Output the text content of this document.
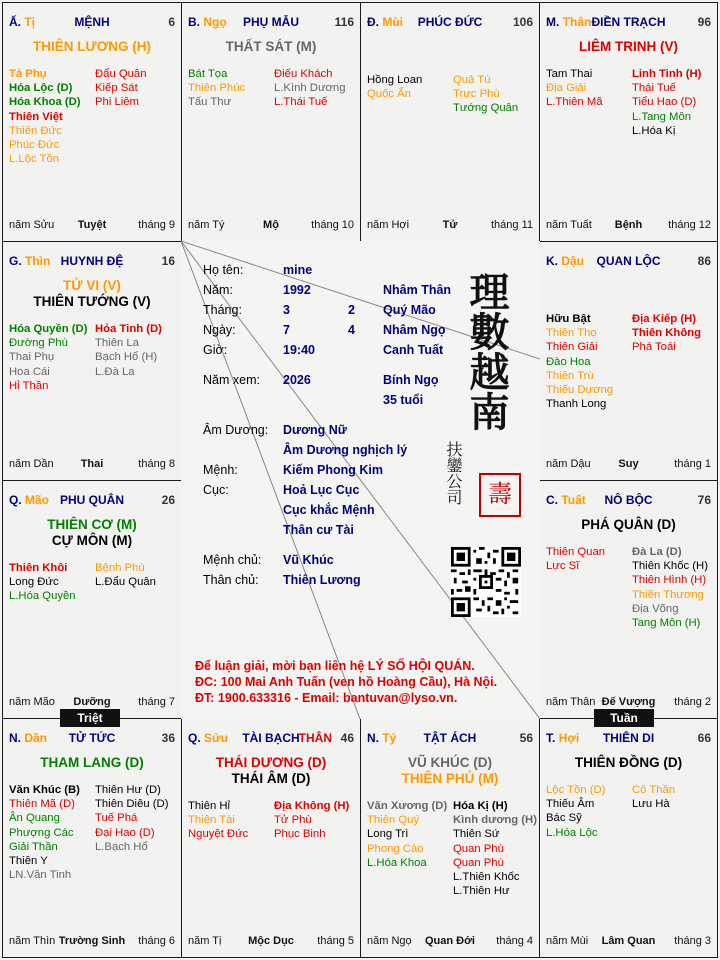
MỆNH
Ấ. Tị	6
THIÊN LƯƠNG (H)
Tả Phụ
Hóa Lộc (D)
Hóa Khoa (D)
Thiên Việt
Thiên Đức
Phúc Đức
L.Lộc Tồn
Đẩu Quân
Kiếp Sát
Phi Liêm
năm Sửu	Tuyệt	tháng 9
PHỤ MẪU
B. Ngọ	116
THẤT SÁT (M)
Bát Tọa
Thiên Phúc
Tấu Thư
Điếu Khách
L.Kình Dương
L.Thái Tuế
năm Tý	Mộ	tháng 10
PHÚC ĐỨC
Đ. Mùi	106
Hồng Loan
Quốc Ấn
Quả Tú
Trực Phù
Tướng Quân
năm Hợi	Tử	tháng 11
ĐIỀN TRẠCH
M. Thân	96
LIÊM TRINH (V)
Tam Thai
Địa Giải
L.Thiên Mã
Linh Tinh (H)
Thái Tuế
Tiểu Hao (D)
L.Tang Môn
L.Hóa Kị
năm Tuất	Bệnh	tháng 12
HUYNH ĐỆ
G. Thìn	16
TỬ VI (V)
THIÊN TƯỚNG (V)
Hóa Quyền (D)
Đường Phù
Thai Phụ
Hoa Cái
Hỉ Thần
Hỏa Tinh (D)
Thiên La
Bạch Hổ (H)
L.Đà La
năm Dần	Thai	tháng 8
QUAN LỘC
K. Dậu	86
Hữu Bật
Thiên Thọ
Thiên Giải
Đào Hoa
Thiên Trù
Thiếu Dương
Thanh Long
Địa Kiếp (H)
Thiên Không
Phá Toái
năm Dậu	Suy	tháng 1
PHU QUÂN
Q. Mão	26
THIÊN CƠ (M)
CỰ MÔN (M)
Thiên Khôi
Long Đức
L.Hóa Quyền
Bệnh Phù
L.Đẩu Quân
năm Mão	Dưỡng	tháng 7
NÔ BỘC
C. Tuất	76
PHÁ QUÂN (D)
Thiên Quan
Lực Sĩ
Đà La (D)
Thiên Khốc (H)
Thiên Hình (H)
Thiên Thương
Địa Võng
Tang Môn (H)
năm Thân Đế Vượng	tháng 2
TỬ TỨC
N. Dần	36
THAM LANG (D)
Văn Khúc (B)
Thiên Mã (D)
Ân Quang
Phượng Các
Giải Thần
Thiên Y
LN.Văn Tinh
Thiên Hư (D)
Thiên Diêu (D)
Tuế Phá
Đại Hao (D)
L.Bạch Hổ
năm Thìn Trường Sinh	tháng 6
TÀI BẠCH
Q. Sửu	THÂN 46
THÁI DƯƠNG (D)
THÁI ÂM (D)
Thiên Hỉ
Thiên Tài
Nguyệt Đức
Địa Không (H)
Tử Phù
Phục Binh
năm Tị	Mộc Dục	tháng 5
TẬT ÁCH
N. Tý	56
VŨ KHÚC (D)
THIÊN PHỦ (M)
Văn Xương (D)
Thiên Quý
Long Trì
Phong Cáo
L.Hóa Khoa
Hóa Kị (H)
Kình dương (H)
Thiên Sứ
Quan Phù
Quan Phù
L.Thiên Khốc
L.Thiên Hư
năm Ngọ	Quan Đới	tháng 4
THIÊN DI
T. Hợi	66
THIÊN ĐỒNG (D)
Lộc Tồn (D)
Thiếu Âm
Bác Sỹ
L.Hóa Lộc
Cô Thần
Lưu Hà
năm Mùi	Lâm Quan	tháng 3
Họ tên:	mine
Năm:	1992	Nhâm Thân
Tháng:	3	2 Quý Mão
Ngày:	7	4 Nhâm Ngọ
Giờ:	19:40	Canh Tuất
Năm xem: 2026	Bính Ngọ
35 tuổi
Âm Dương: Dương Nữ
Âm Dương nghịch lý
Mệnh:	Kiếm Phong Kim
Cục:	Hoả Lục Cục
Cục khắc Mệnh
Thân cư Tài
Mệnh chủ: Vũ Khúc
Thân chủ: Thiên Lương
理數越南
扶鑾公司	壽
Để luận giải, mời bạn liên hệ LÝ SỐ HỘI QUÁN.
ĐC: 100 Mai Anh Tuấn (ven hồ Hoàng Cầu), Hà Nội.
ĐT: 1900.633316 - Email: bantuvan@lyso.vn.
Triệt	Tuần
